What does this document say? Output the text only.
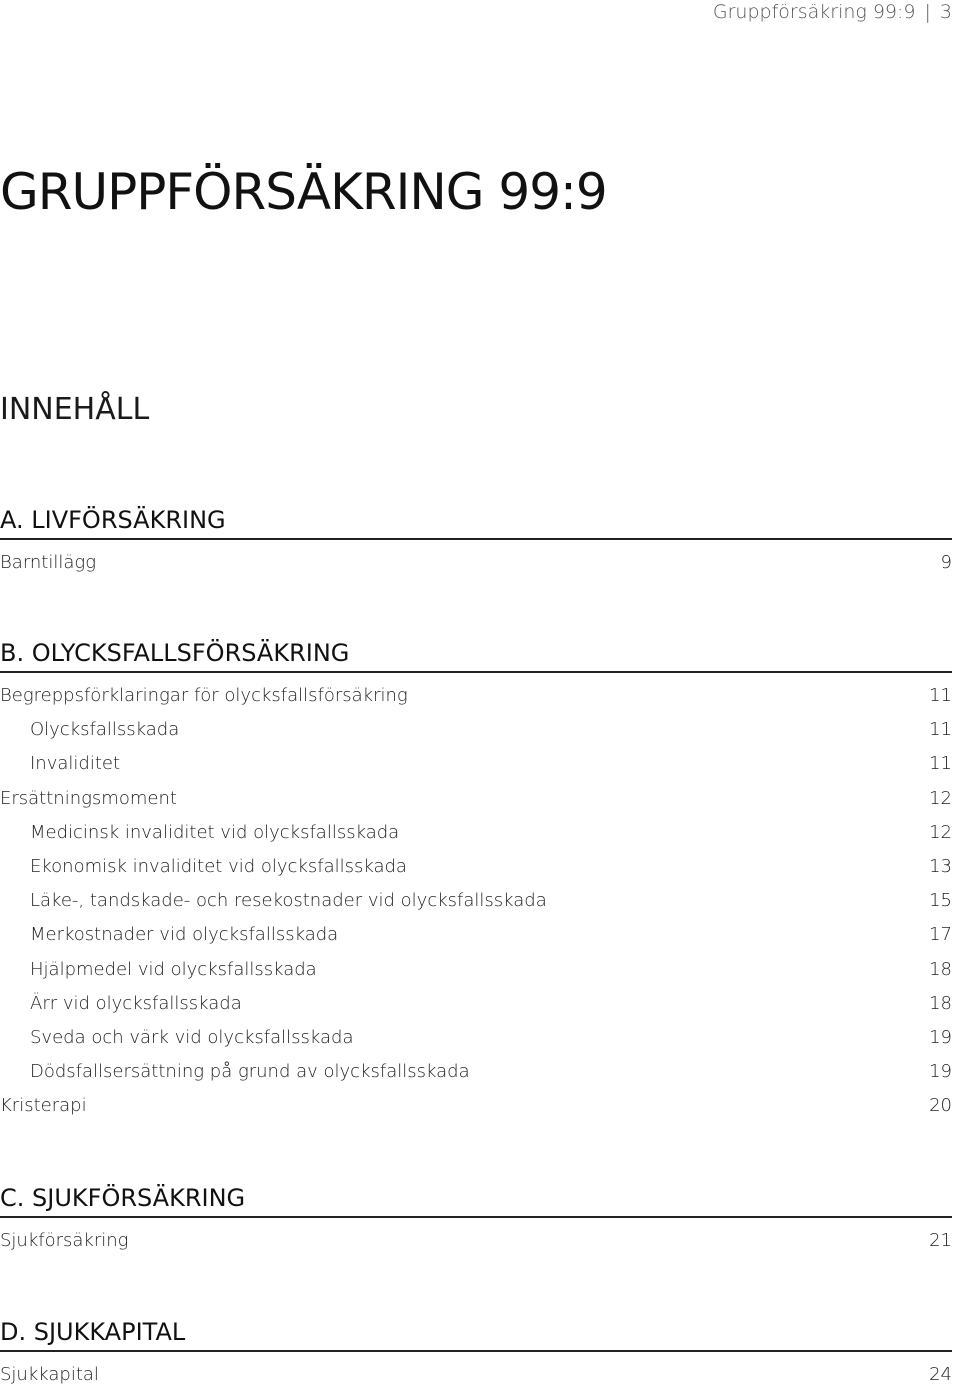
Gruppförsäkring 99:9 | 3
GRUPPFÖRSÄKRING 99:9
INNEHÅLL
A. LIVFÖRSÄKRING
Barntillägg	9
B. OLYCKSFALLSFÖRSÄKRING
Begreppsförklaringar för olycksfallsförsäkring	11
Olycksfallsskada	11
Invaliditet	11
Ersättningsmoment	12
Medicinsk invaliditet vid olycksfallsskada	12
Ekonomisk invaliditet vid olycksfallsskada	13
Läke-, tandskade- och resekostnader vid olycksfallsskada	15
Merkostnader vid olycksfallsskada	17
Hjälpmedel vid olycksfallsskada	18
Ärr vid olycksfallsskada	18
Sveda och värk vid olycksfallsskada	19
Dödsfallsersättning på grund av olycksfallsskada	19
Kristerapi	20
C. SJUKFÖRSÄKRING
Sjukförsäkring	21
D. SJUKKAPITAL
Sjukkapital	24
